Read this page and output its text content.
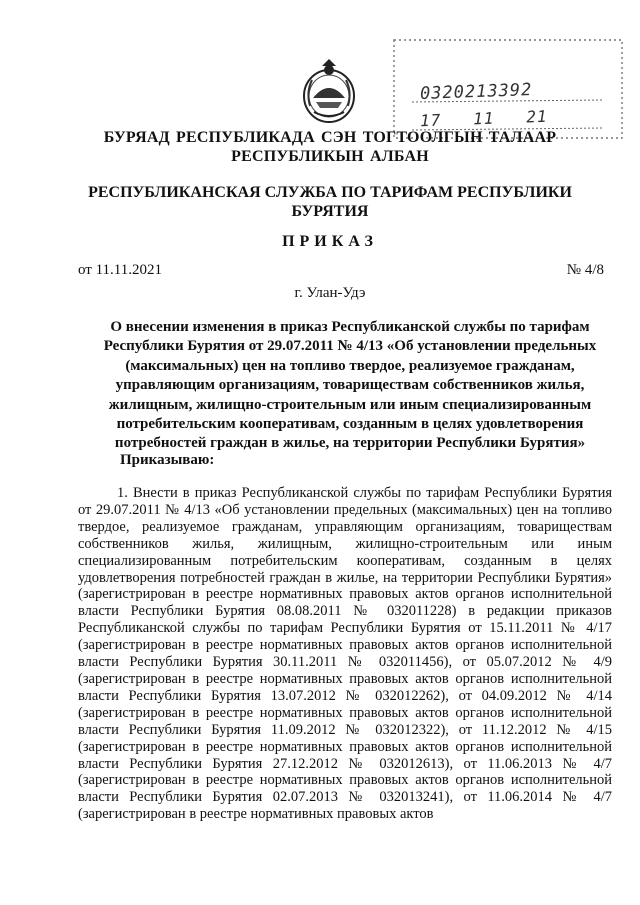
0320213392
17   11   21
БУРЯАД РЕСПУБЛИКАДА СЭН ТОГТООЛГЫН ТАЛААР
РЕСПУБЛИКЫН АЛБАН
РЕСПУБЛИКАНСКАЯ СЛУЖБА ПО ТАРИФАМ РЕСПУБЛИКИ
БУРЯТИЯ
ПРИКАЗ
от 11.11.2021	№ 4/8
г. Улан-Удэ
О внесении изменения в приказ Республиканской службы по тарифам
Республики Бурятия от 29.07.2011 № 4/13 «Об установлении предельных
(максимальных) цен на топливо твердое, реализуемое гражданам,
управляющим организациям, товариществам собственников жилья,
жилищным, жилищно-строительным или иным специализированным
потребительским кооперативам, созданным в целях удовлетворения
потребностей граждан в жилье, на территории Республики Бурятия»
Приказываю:
1. Внести в приказ Республиканской службы по тарифам Республики Бурятия от 29.07.2011 № 4/13 «Об установлении предельных (максимальных) цен на топливо твердое, реализуемое гражданам, управляющим организациям, товариществам собственников жилья, жилищным, жилищно-строительным или иным специализированным потребительским кооперативам, созданным в целях удовлетворения потребностей граждан в жилье, на территории Республики Бурятия» (зарегистрирован в реестре нормативных правовых актов органов исполнительной власти Республики Бурятия 08.08.2011 № 032011228) в редакции приказов Республиканской службы по тарифам Республики Бурятия от 15.11.2011 № 4/17 (зарегистрирован в реестре нормативных правовых актов органов исполнительной власти Республики Бурятия 30.11.2011 № 032011456), от 05.07.2012 № 4/9 (зарегистрирован в реестре нормативных правовых актов органов исполнительной власти Республики Бурятия 13.07.2012 № 032012262), от 04.09.2012 № 4/14 (зарегистрирован в реестре нормативных правовых актов органов исполнительной власти Республики Бурятия 11.09.2012 № 032012322), от 11.12.2012 № 4/15 (зарегистрирован в реестре нормативных правовых актов органов исполнительной власти Республики Бурятия 27.12.2012 № 032012613), от 11.06.2013 № 4/7 (зарегистрирован в реестре нормативных правовых актов органов исполнительной власти Республики Бурятия 02.07.2013 № 032013241), от 11.06.2014 № 4/7 (зарегистрирован в реестре нормативных правовых актов
